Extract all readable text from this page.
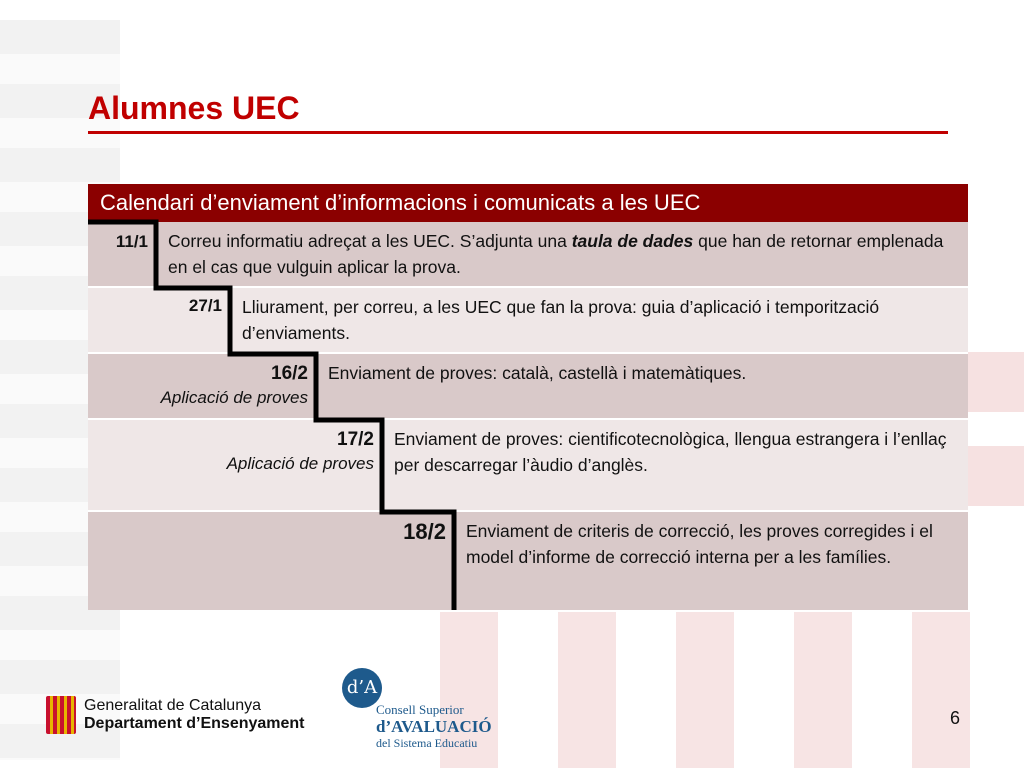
Alumnes UEC
Calendari d’enviament d’informacions i comunicats a les UEC
11/1 Correu informatiu adreçat a les UEC. S’adjunta una taula de dades que han de retornar emplenada en el cas que vulguin aplicar la prova.
27/1 Lliurament, per correu, a les UEC que fan la prova: guia d’aplicació i temporització d’enviaments.
16/2
Aplicació de proves
Enviament de proves: català, castellà i matemàtiques.
17/2
Aplicació de proves
Enviament de proves: cientificotecnològica, llengua estrangera i l’enllaç per descarregar l’àudio d’anglès.
18/2 Enviament de criteris de correcció, les proves corregides i el model d’informe de correcció interna per a les famílies.
Generalitat de Catalunya
Departament d’Ensenyament
d’A
Consell Superior
d’AVALUACIÓ
del Sistema Educatiu
6
